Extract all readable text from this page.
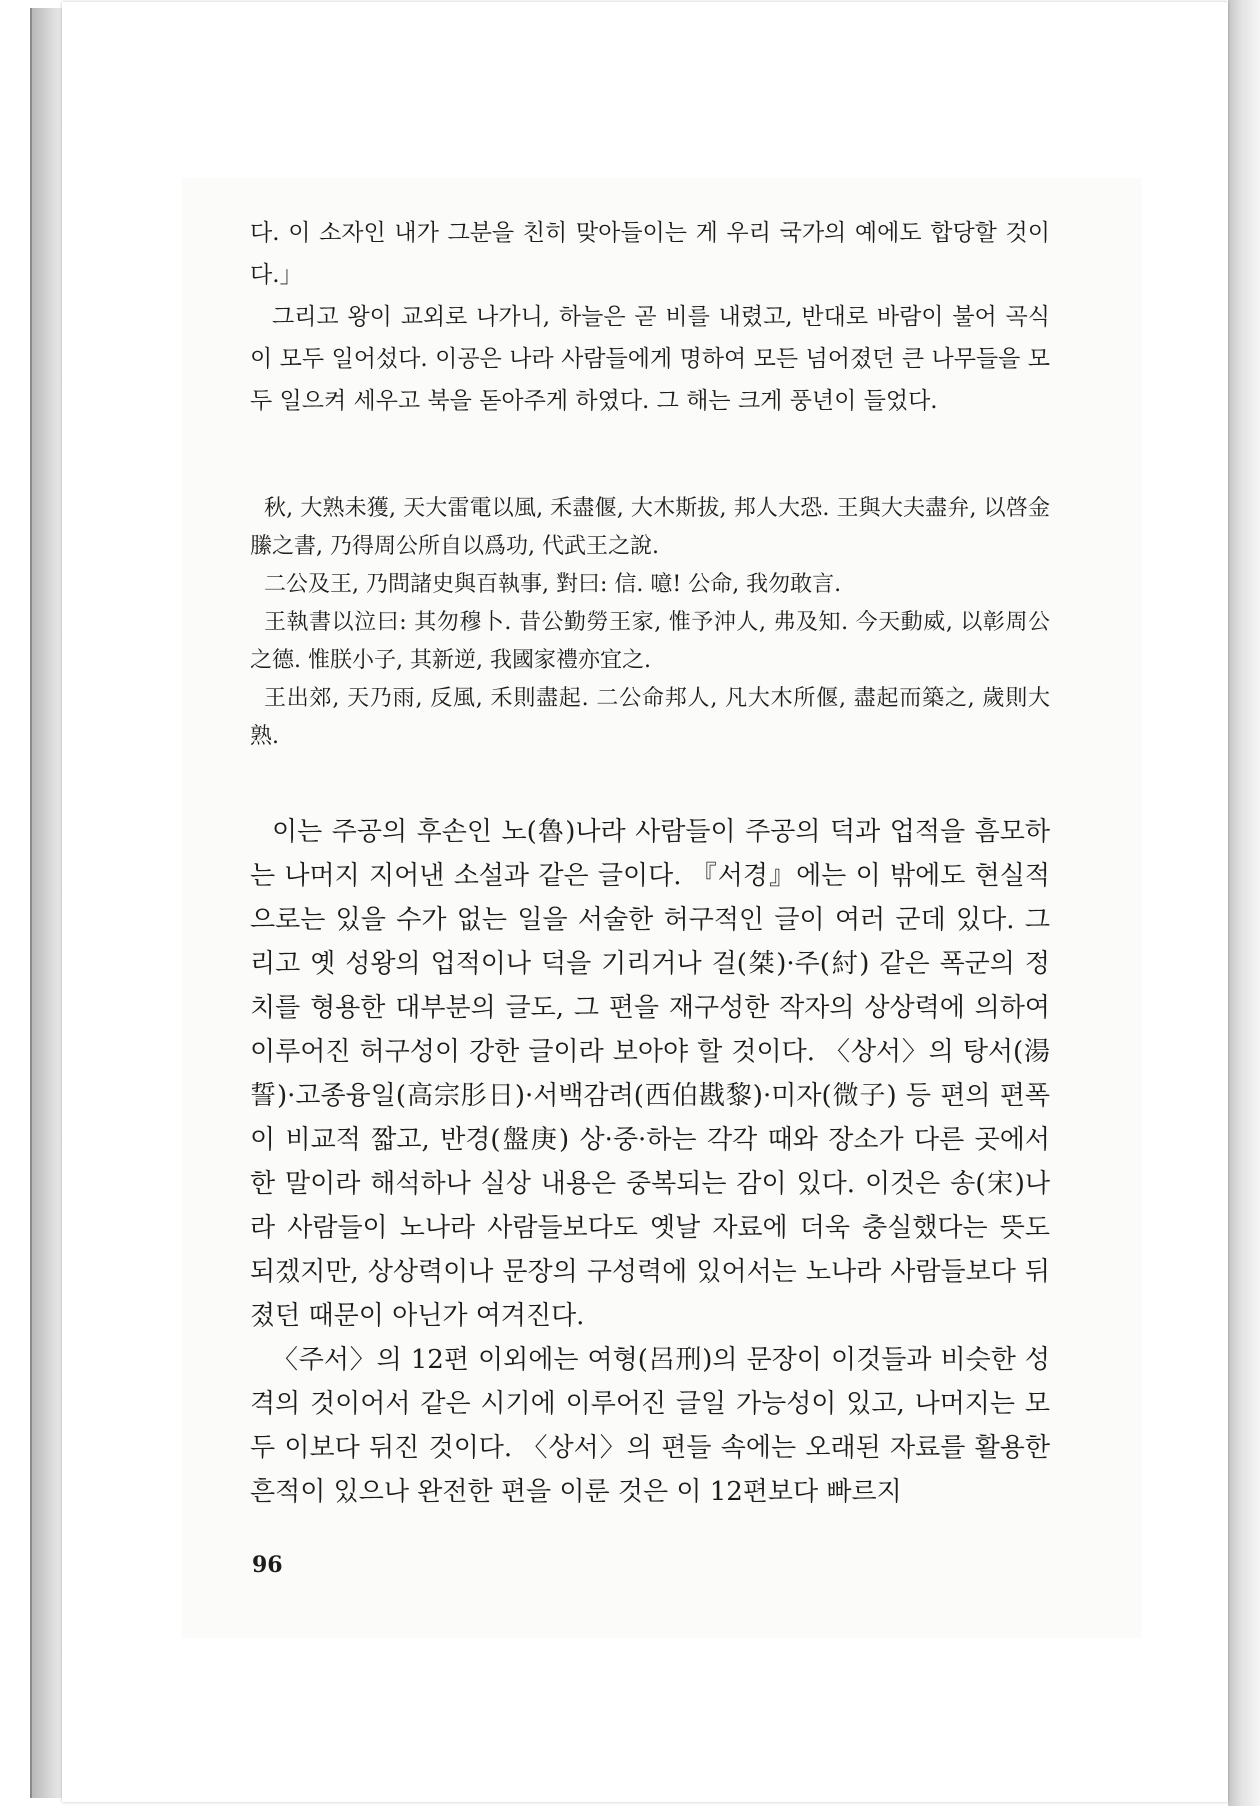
다. 이 소자인 내가 그분을 친히 맞아들이는 게 우리 국가의 예에도 합당할 것이다.」

그리고 왕이 교외로 나가니, 하늘은 곧 비를 내렸고, 반대로 바람이 불어 곡식이 모두 일어섰다. 이공은 나라 사람들에게 명하여 모든 넘어졌던 큰 나무들을 모두 일으켜 세우고 북을 돋아주게 하였다. 그 해는 크게 풍년이 들었다.

秋, 大熟未獲, 天大雷電以風, 禾盡偃, 大木斯拔, 邦人大恐. 王與大夫盡弁, 以啓金縢之書, 乃得周公所自以爲功, 代武王之說.

二公及王, 乃問諸史與百執事, 對曰: 信. 噫! 公命, 我勿敢言.

王執書以泣曰: 其勿穆卜. 昔公勤勞王家, 惟予沖人, 弗及知. 今天動威, 以彰周公之德. 惟朕小子, 其新逆, 我國家禮亦宜之.

王出郊, 天乃雨, 反風, 禾則盡起. 二公命邦人, 凡大木所偃, 盡起而築之, 歲則大熟.

이는 주공의 후손인 노(魯)나라 사람들이 주공의 덕과 업적을 흠모하는 나머지 지어낸 소설과 같은 글이다. 『서경』에는 이 밖에도 현실적으로는 있을 수가 없는 일을 서술한 허구적인 글이 여러 군데 있다. 그리고 옛 성왕의 업적이나 덕을 기리거나 걸(桀)·주(紂) 같은 폭군의 정치를 형용한 대부분의 글도, 그 편을 재구성한 작자의 상상력에 의하여 이루어진 허구성이 강한 글이라 보아야 할 것이다. 〈상서〉의 탕서(湯誓)·고종융일(高宗肜日)·서백감려(西伯戡黎)·미자(微子) 등 편의 편폭이 비교적 짧고, 반경(盤庚) 상·중·하는 각각 때와 장소가 다른 곳에서 한 말이라 해석하나 실상 내용은 중복되는 감이 있다. 이것은 송(宋)나라 사람들이 노나라 사람들보다도 옛날 자료에 더욱 충실했다는 뜻도 되겠지만, 상상력이나 문장의 구성력에 있어서는 노나라 사람들보다 뒤졌던 때문이 아닌가 여겨진다.

〈주서〉의 12편 이외에는 여형(呂刑)의 문장이 이것들과 비슷한 성격의 것이어서 같은 시기에 이루어진 글일 가능성이 있고, 나머지는 모두 이보다 뒤진 것이다. 〈상서〉의 편들 속에는 오래된 자료를 활용한 흔적이 있으나 완전한 편을 이룬 것은 이 12편보다 빠르지

96
